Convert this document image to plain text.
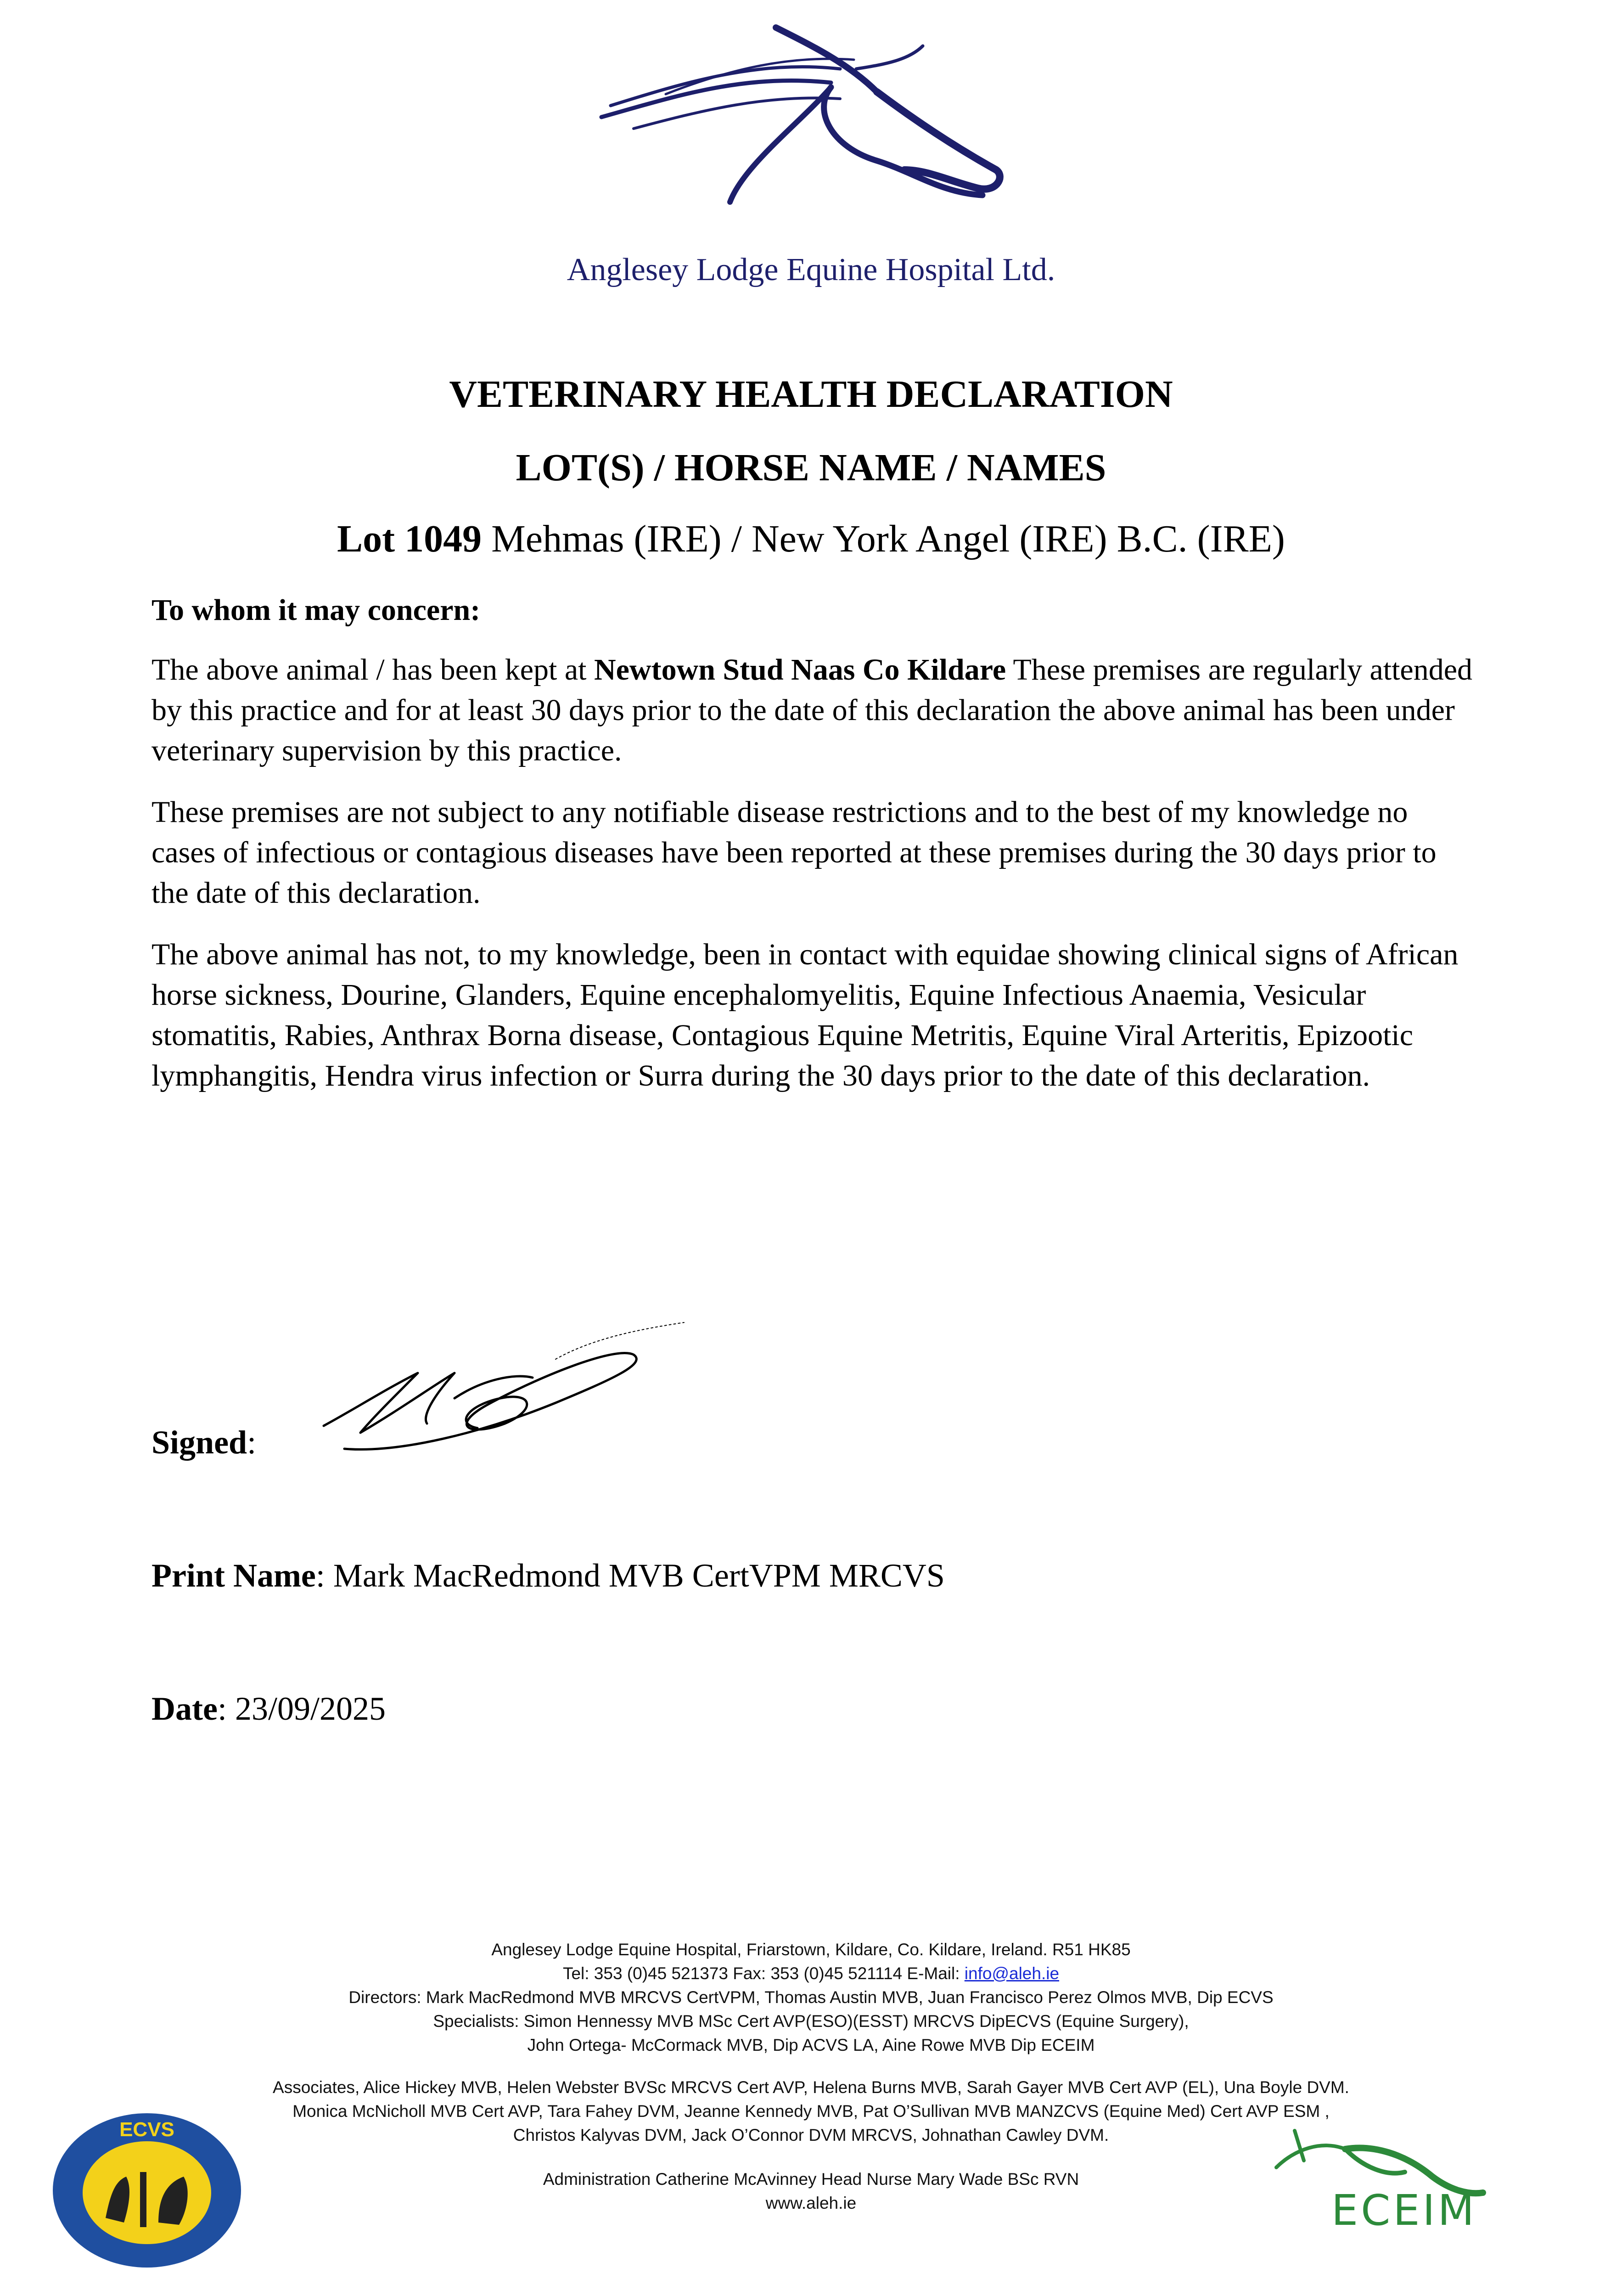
Anglesey Lodge Equine Hospital Ltd.
VETERINARY HEALTH DECLARATION
LOT(S) / HORSE NAME / NAMES
Lot 1049 Mehmas (IRE) / New York Angel (IRE) B.C. (IRE)
To whom it may concern:
The above animal / has been kept at Newtown Stud Naas Co Kildare These premises are regularly attended by this practice and for at least 30 days prior to the date of this declaration the above animal has been under veterinary supervision by this practice.
These premises are not subject to any notifiable disease restrictions and to the best of my knowledge no cases of infectious or contagious diseases have been reported at these premises during the 30 days prior to the date of this declaration.
The above animal has not, to my knowledge, been in contact with equidae showing clinical signs of African horse sickness, Dourine, Glanders, Equine encephalomyelitis, Equine Infectious Anaemia, Vesicular stomatitis, Rabies, Anthrax Borna disease, Contagious Equine Metritis, Equine Viral Arteritis, Epizootic lymphangitis, Hendra virus infection or Surra during the 30 days prior to the date of this declaration.
Signed:
Print Name: Mark MacRedmond MVB CertVPM MRCVS
Date: 23/09/2025
Anglesey Lodge Equine Hospital, Friarstown, Kildare, Co. Kildare, Ireland. R51 HK85
Tel: 353 (0)45 521373 Fax: 353 (0)45 521114 E-Mail: info@aleh.ie
Directors: Mark MacRedmond MVB MRCVS CertVPM, Thomas Austin MVB, Juan Francisco Perez Olmos MVB, Dip ECVS
Specialists: Simon Hennessy MVB MSc Cert AVP(ESO)(ESST) MRCVS DipECVS (Equine Surgery),
John Ortega- McCormack MVB, Dip ACVS LA, Aine Rowe MVB Dip ECEIM
Associates, Alice Hickey MVB, Helen Webster BVSc MRCVS Cert AVP, Helena Burns MVB, Sarah Gayer MVB Cert AVP (EL), Una Boyle DVM.
Monica McNicholl MVB Cert AVP, Tara Fahey DVM, Jeanne Kennedy MVB, Pat O’Sullivan MVB MANZCVS (Equine Med) Cert AVP ESM ,
Christos Kalyvas DVM, Jack O’Connor DVM MRCVS, Johnathan Cawley DVM.
Administration Catherine McAvinney Head Nurse Mary Wade BSc RVN
www.aleh.ie
ECVS
ECEIM
